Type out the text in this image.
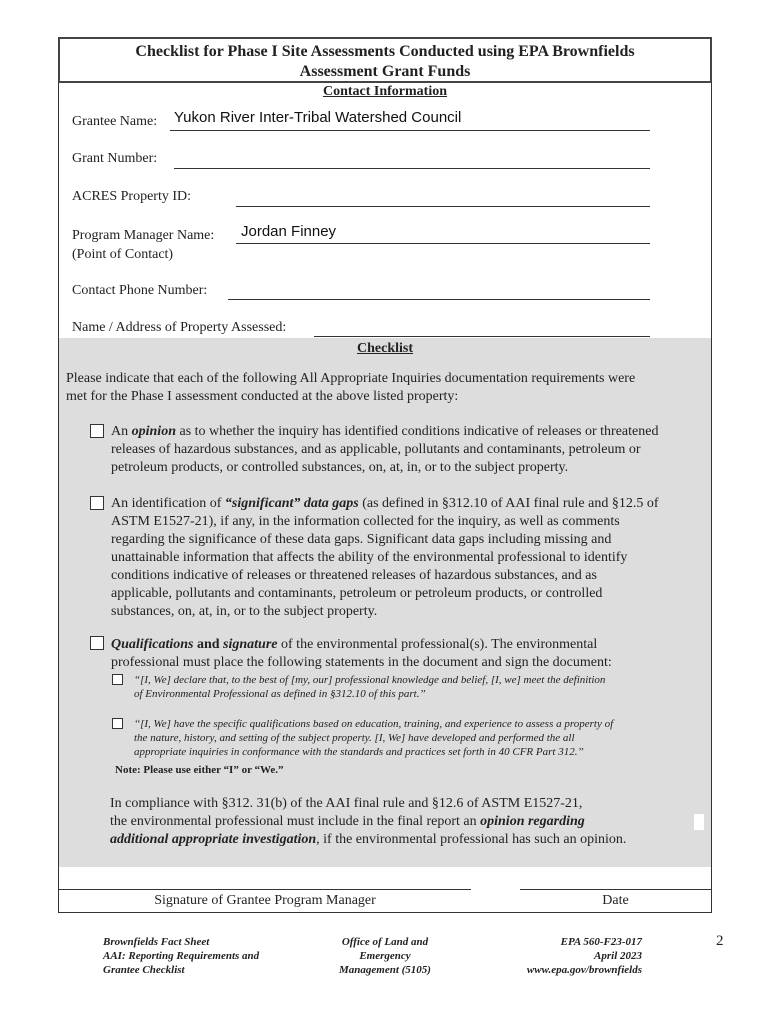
Checklist for Phase I Site Assessments Conducted using EPA Brownfields
Assessment Grant Funds
Contact Information
Grantee Name: Yukon River Inter-Tribal Watershed Council
Grant Number:
ACRES Property ID:
Program Manager Name: Jordan Finney
(Point of Contact)
Contact Phone Number:
Name / Address of Property Assessed:
Checklist
Please indicate that each of the following All Appropriate Inquiries documentation requirements were
met for the Phase I assessment conducted at the above listed property:
An opinion as to whether the inquiry has identified conditions indicative of releases or threatened
releases of hazardous substances, and as applicable, pollutants and contaminants, petroleum or
petroleum products, or controlled substances, on, at, in, or to the subject property.
An identification of “significant” data gaps (as defined in §312.10 of AAI final rule and §12.5 of
ASTM E1527-21), if any, in the information collected for the inquiry, as well as comments
regarding the significance of these data gaps. Significant data gaps including missing and
unattainable information that affects the ability of the environmental professional to identify
conditions indicative of releases or threatened releases of hazardous substances, and as
applicable, pollutants and contaminants, petroleum or petroleum products, or controlled
substances, on, at, in, or to the subject property.
Qualifications and signature of the environmental professional(s). The environmental
professional must place the following statements in the document and sign the document:
“[I, We] declare that, to the best of [my, our] professional knowledge and belief, [I, we] meet the definition
of Environmental Professional as defined in §312.10 of this part.’’
‘‘[I, We] have the specific qualifications based on education, training, and experience to assess a property of
the nature, history, and setting of the subject property. [I, We] have developed and performed the all
appropriate inquiries in conformance with the standards and practices set forth in 40 CFR Part 312.’’
Note: Please use either “I” or “We.”
In compliance with §312. 31(b) of the AAI final rule and §12.6 of ASTM E1527-21,
the environmental professional must include in the final report an opinion regarding
additional appropriate investigation, if the environmental professional has such an opinion.
Signature of Grantee Program Manager	Date
Brownfields Fact Sheet
AAI: Reporting Requirements and
Grantee Checklist
Office of Land and
Emergency
Management (5105)
EPA 560-F23-017
April 2023
www.epa.gov/brownfields
2
